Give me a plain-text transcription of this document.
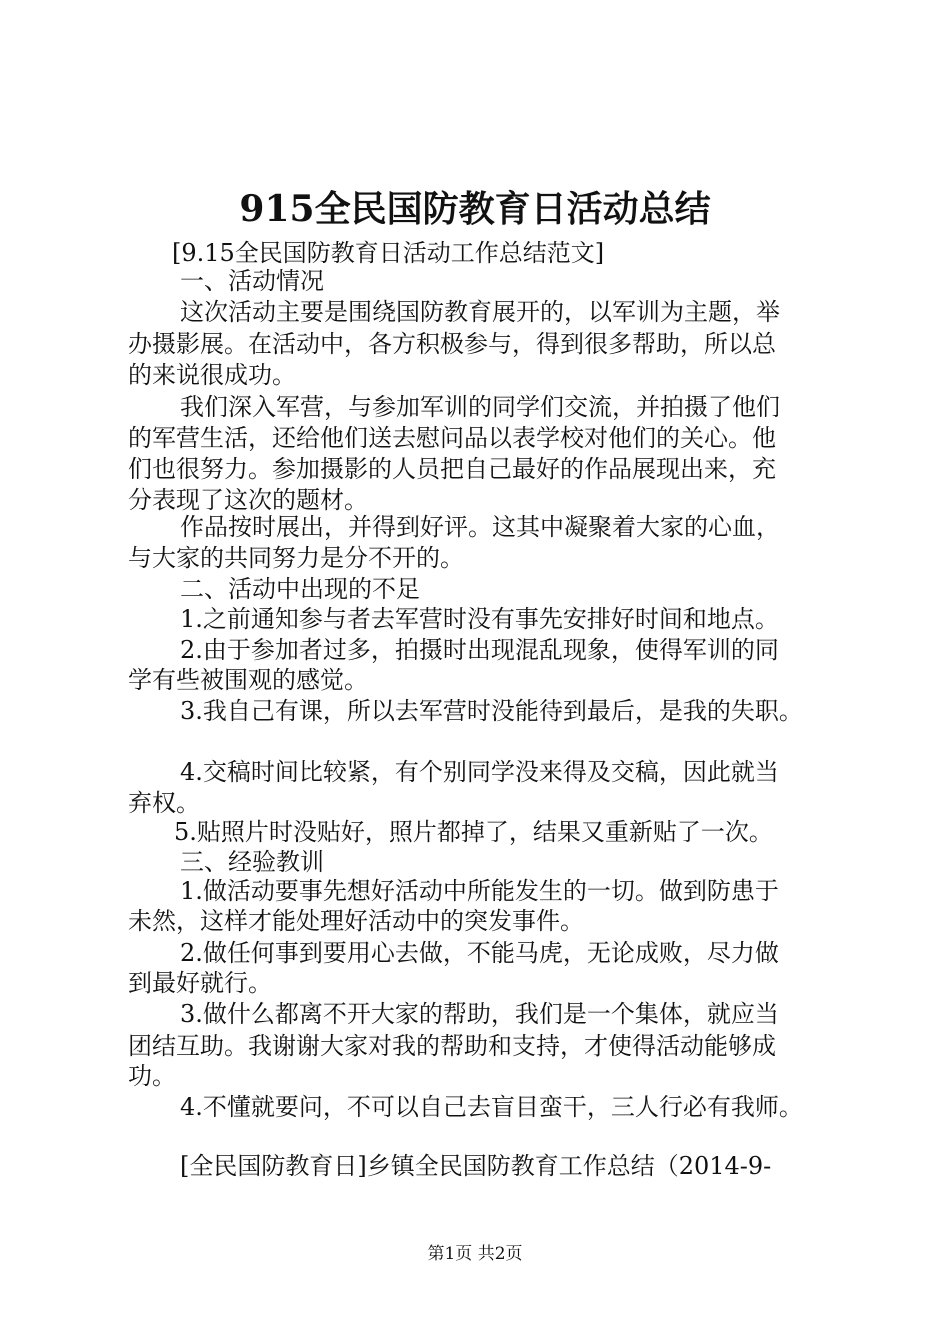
915全民国防教育日活动总结
[9.15全民国防教育日活动工作总结范文]
一、活动情况
这次活动主要是围绕国防教育展开的，以军训为主题，举
办摄影展。在活动中，各方积极参与，得到很多帮助，所以总
的来说很成功。
我们深入军营，与参加军训的同学们交流，并拍摄了他们
的军营生活，还给他们送去慰问品以表学校对他们的关心。他
们也很努力。参加摄影的人员把自己最好的作品展现出来，充
分表现了这次的题材。
作品按时展出，并得到好评。这其中凝聚着大家的心血，
与大家的共同努力是分不开的。
二、活动中出现的不足
1.之前通知参与者去军营时没有事先安排好时间和地点。
2.由于参加者过多，拍摄时出现混乱现象，使得军训的同
学有些被围观的感觉。
3.我自己有课，所以去军营时没能待到最后，是我的失职。
4.交稿时间比较紧，有个别同学没来得及交稿，因此就当
弃权。
5.贴照片时没贴好，照片都掉了，结果又重新贴了一次。
三、经验教训
1.做活动要事先想好活动中所能发生的一切。做到防患于
未然，这样才能处理好活动中的突发事件。
2.做任何事到要用心去做，不能马虎，无论成败，尽力做
到最好就行。
3.做什么都离不开大家的帮助，我们是一个集体，就应当
团结互助。我谢谢大家对我的帮助和支持，才使得活动能够成
功。
4.不懂就要问，不可以自己去盲目蛮干，三人行必有我师。
[全民国防教育日]乡镇全民国防教育工作总结（2014-9-
第1页 共2页
